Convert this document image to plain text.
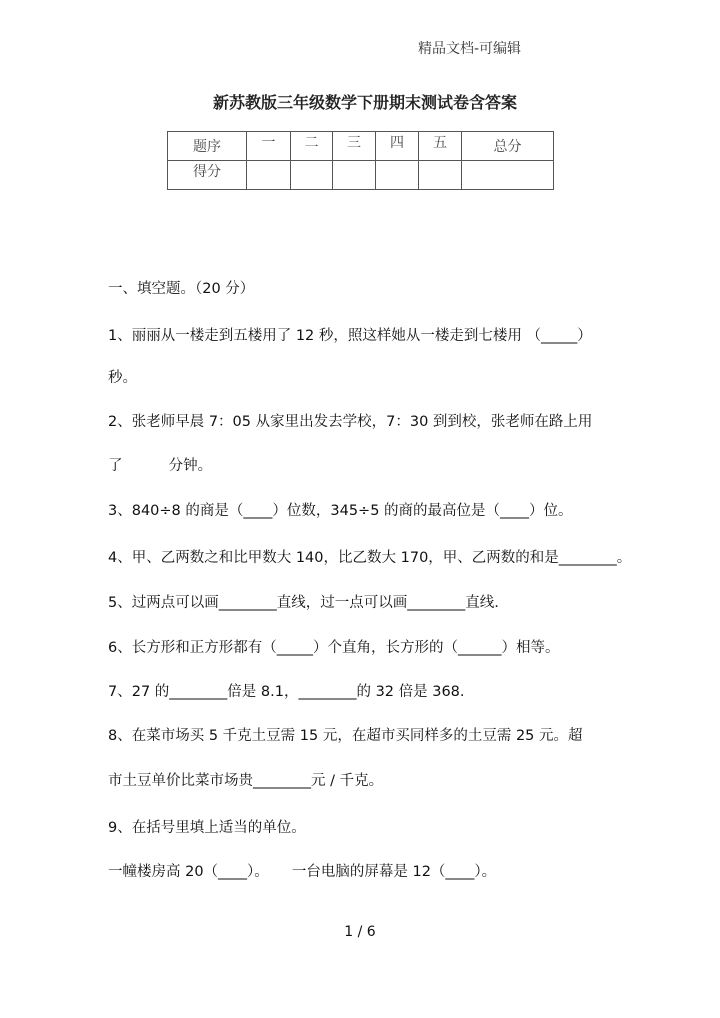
精品文档-可编辑
新苏教版三年级数学下册期末测试卷含答案
题序	一	二	三	四	五	总分
得分						
一、填空题。（20 分）
1、丽丽从一楼走到五楼用了 12 秒，照这样她从一楼走到七楼用 （_____）
秒。
2、张老师早晨 7：05 从家里出发去学校，7：30 到到校，张老师在路上用
了          分钟。
3、840÷8 的商是（____）位数，345÷5 的商的最高位是（____）位。
4、甲、乙两数之和比甲数大 140，比乙数大 170，甲、乙两数的和是________。
5、过两点可以画________直线，过一点可以画________直线.
6、长方形和正方形都有（_____）个直角，长方形的（______）相等。
7、27 的________倍是 8.1，________的 32 倍是 368.
8、在菜市场买 5 千克土豆需 15 元，在超市买同样多的土豆需 25 元。超
市土豆单价比菜市场贵________元 / 千克。
9、在括号里填上适当的单位。
一幢楼房高 20（____）。     一台电脑的屏幕是 12（____）。
1 / 6
